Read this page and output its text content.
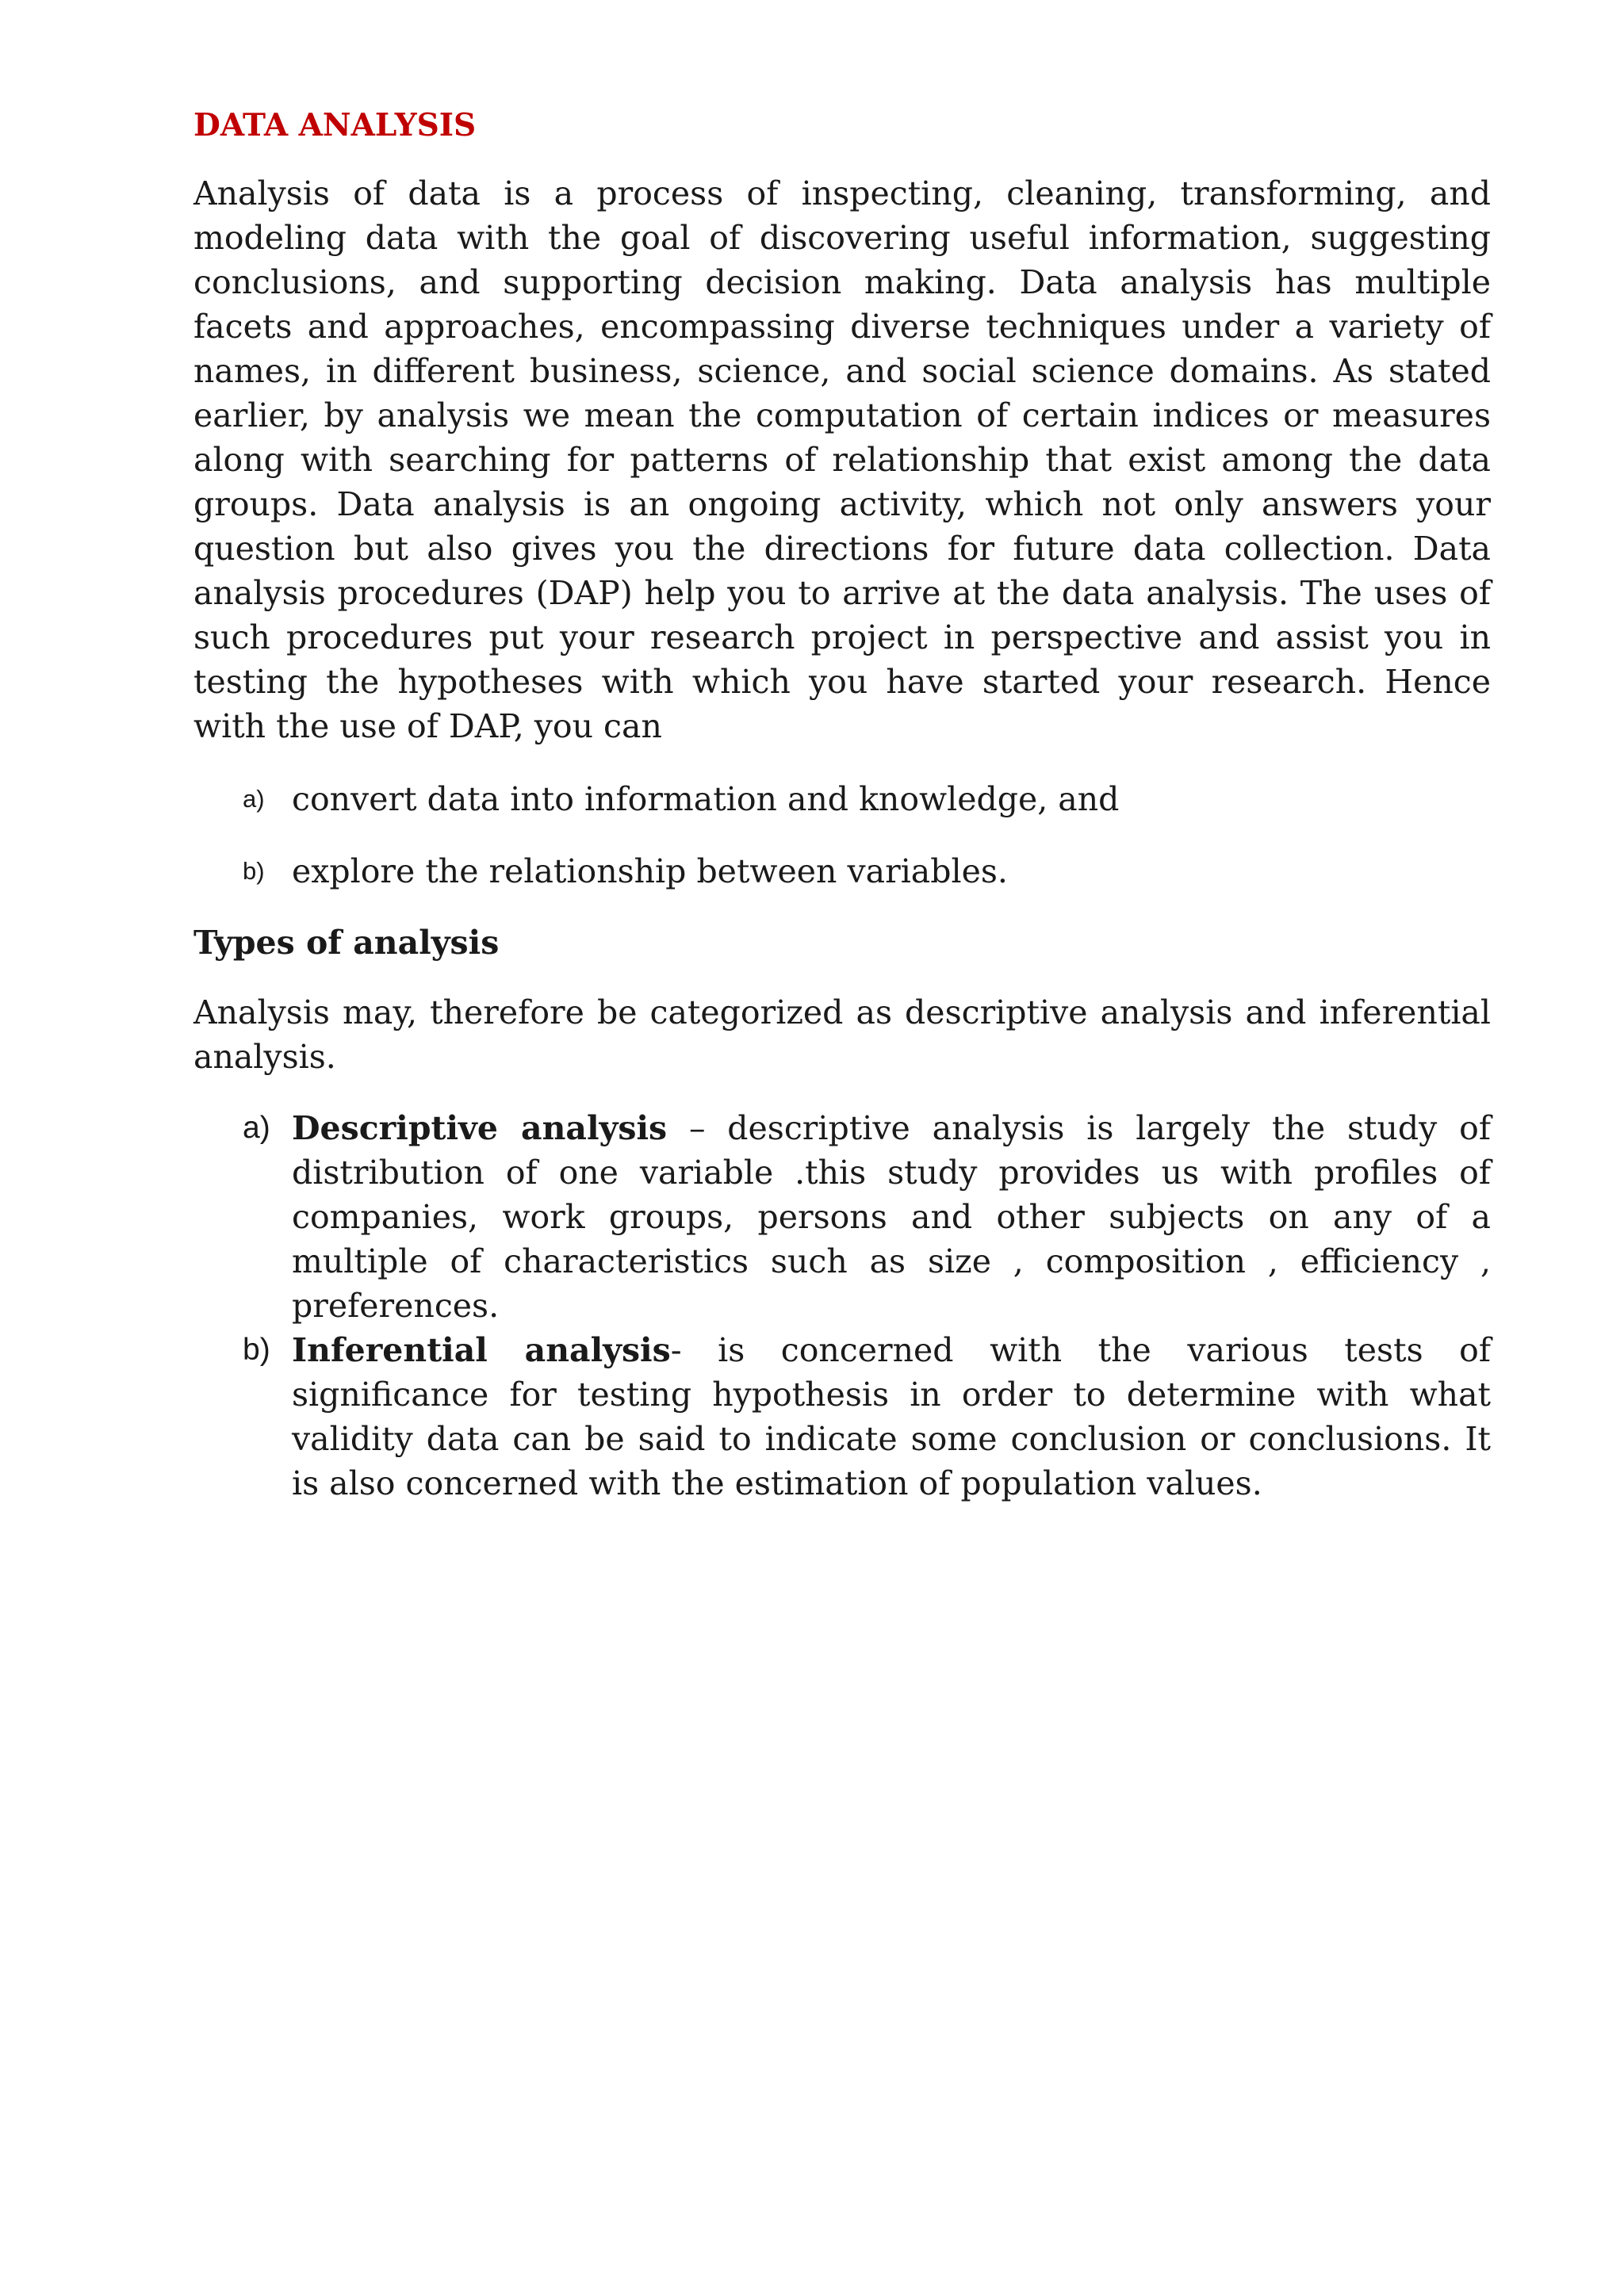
DATA ANALYSIS

Analysis of data is a process of inspecting, cleaning, transforming, and modeling data with the goal of discovering useful information, suggesting conclusions, and supporting decision making. Data analysis has multiple facets and approaches, encompassing diverse techniques under a variety of names, in different business, science, and social science domains. As stated earlier, by analysis we mean the computation of certain indices or measures along with searching for patterns of relationship that exist among the data groups. Data analysis is an ongoing activity, which not only answers your question but also gives you the directions for future data collection. Data analysis procedures (DAP) help you to arrive at the data analysis. The uses of such procedures put your research project in perspective and assist you in testing the hypotheses with which you have started your research. Hence with the use of DAP, you can

a) convert data into information and knowledge, and
b) explore the relationship between variables.
Types of analysis

Analysis may, therefore be categorized as descriptive analysis and inferential analysis.

a) Descriptive analysis – descriptive analysis is largely the study of distribution of one variable .this study provides us with profiles of companies, work groups, persons and other subjects on any of a multiple of characteristics such as size , composition , efficiency , preferences.
b) Inferential analysis- is concerned with the various tests of significance for testing hypothesis in order to determine with what validity data can be said to indicate some conclusion or conclusions. It is also concerned with the estimation of population values.
